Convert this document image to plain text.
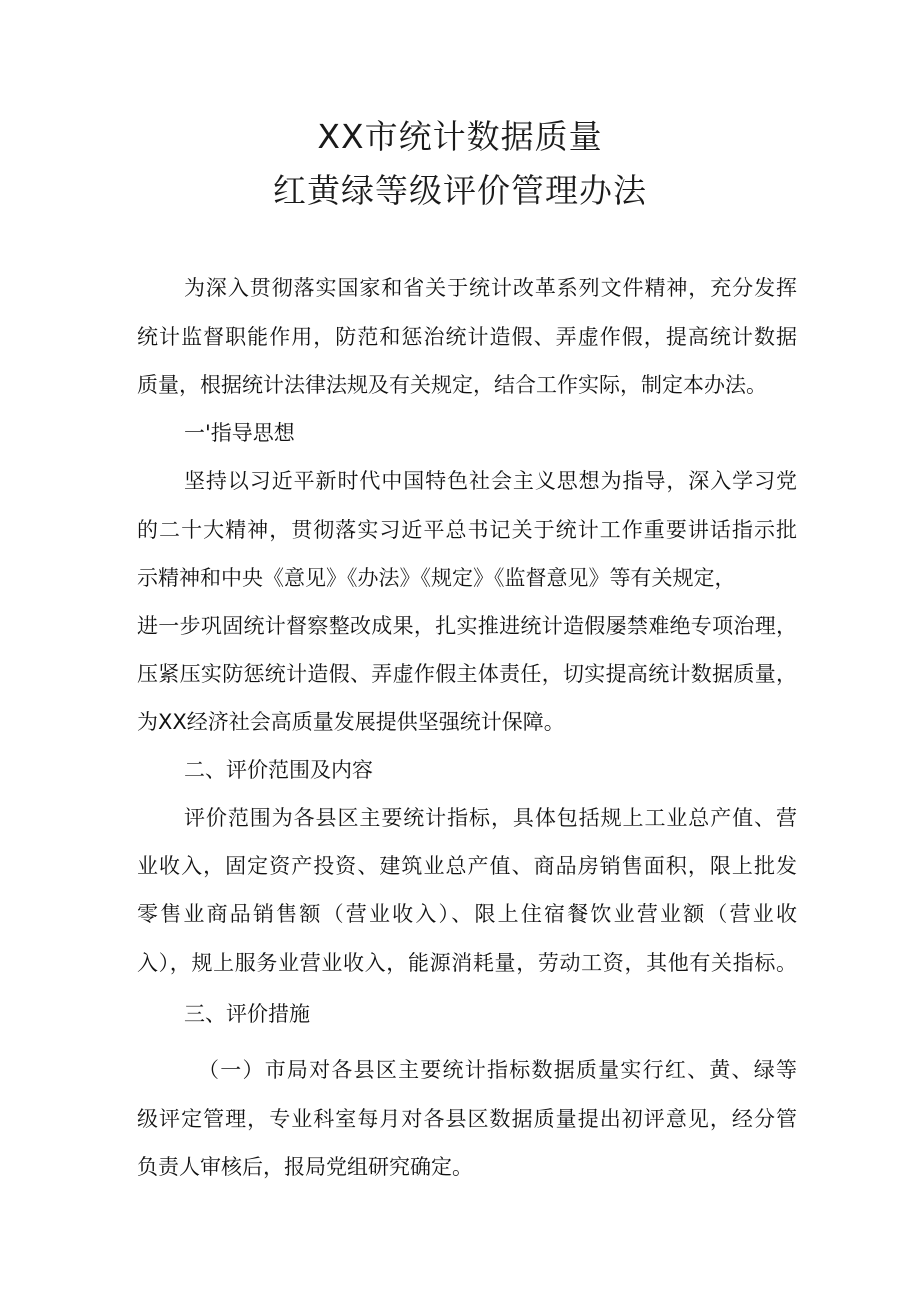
XX市统计数据质量
红黄绿等级评价管理办法

为深入贯彻落实国家和省关于统计改革系列文件精神，充分发挥

统计监督职能作用，防范和惩治统计造假、弄虚作假，提高统计数据

质量，根据统计法律法规及有关规定，结合工作实际，制定本办法。

一'指导思想

坚持以习近平新时代中国特色社会主义思想为指导，深入学习党

的二十大精神，贯彻落实习近平总书记关于统计工作重要讲话指示批

示精神和中央《意见》《办法》《规定》《监督意见》等有关规定，

进一步巩固统计督察整改成果，扎实推进统计造假屡禁难绝专项治理，

压紧压实防惩统计造假、弄虚作假主体责任，切实提高统计数据质量，

为XX经济社会高质量发展提供坚强统计保障。

二、评价范围及内容

评价范围为各县区主要统计指标，具体包括规上工业总产值、营

业收入，固定资产投资、建筑业总产值、商品房销售面积，限上批发

零售业商品销售额（营业收入）、限上住宿餐饮业营业额（营业收

入），规上服务业营业收入，能源消耗量，劳动工资，其他有关指标。

三、评价措施

（一）市局对各县区主要统计指标数据质量实行红、黄、绿等

级评定管理，专业科室每月对各县区数据质量提出初评意见，经分管

负责人审核后，报局党组研究确定。
